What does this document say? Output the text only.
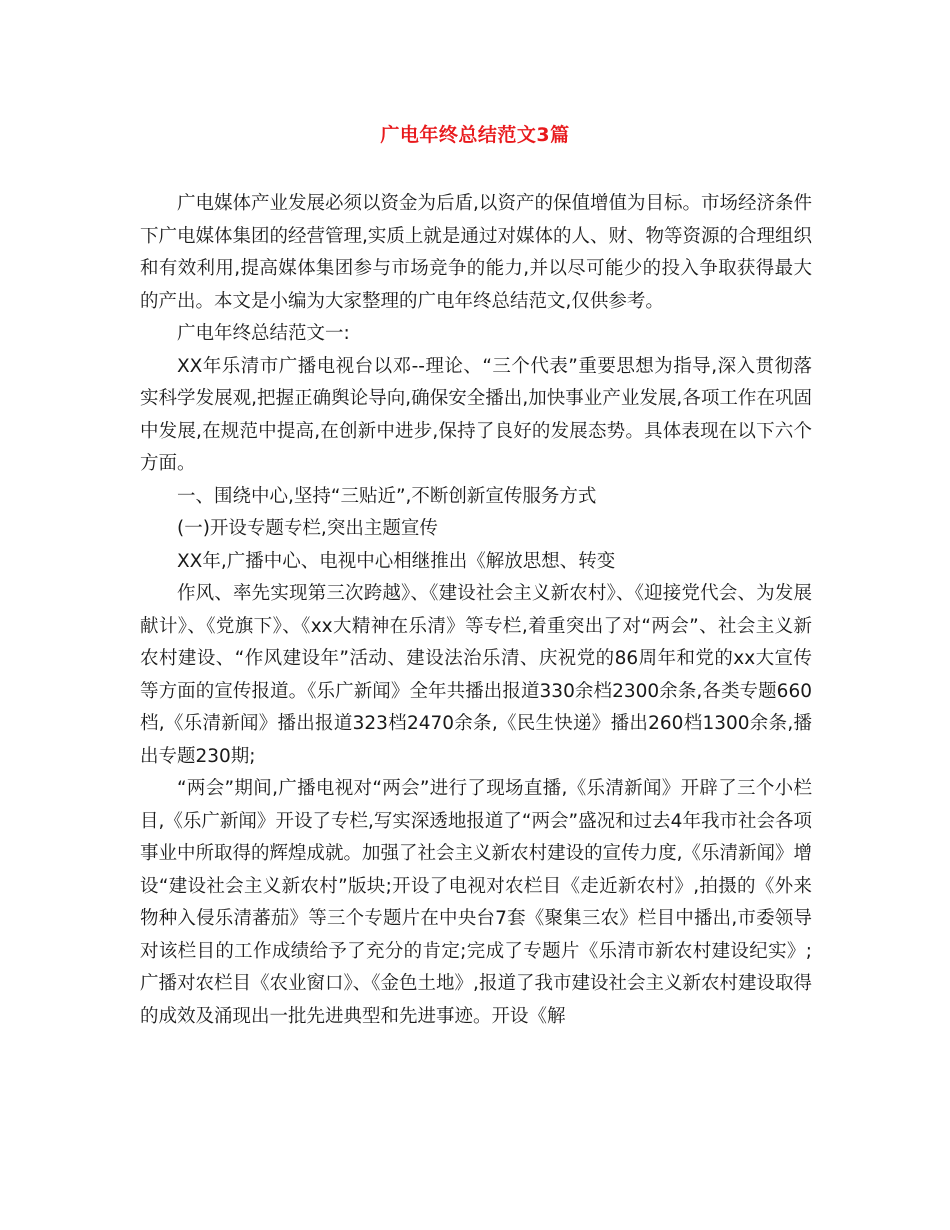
广电年终总结范文3篇

广电媒体产业发展必须以资金为后盾,以资产的保值增值为目标。市场经济条件下广电媒体集团的经营管理,实质上就是通过对媒体的人、财、物等资源的合理组织和有效利用,提高媒体集团参与市场竞争的能力,并以尽可能少的投入争取获得最大的产出。本文是小编为大家整理的广电年终总结范文,仅供参考。

广电年终总结范文一:

XX年乐清市广播电视台以邓--理论、“三个代表”重要思想为指导,深入贯彻落实科学发展观,把握正确舆论导向,确保安全播出,加快事业产业发展,各项工作在巩固中发展,在规范中提高,在创新中进步,保持了良好的发展态势。具体表现在以下六个方面。

一、围绕中心,坚持“三贴近”,不断创新宣传服务方式

(一)开设专题专栏,突出主题宣传

XX年,广播中心、电视中心相继推出《解放思想、转变

作风、率先实现第三次跨越》、《建设社会主义新农村》、《迎接党代会、为发展献计》、《党旗下》、《xx大精神在乐清》等专栏,着重突出了对“两会”、社会主义新农村建设、“作风建设年”活动、建设法治乐清、庆祝党的86周年和党的xx大宣传等方面的宣传报道。《乐广新闻》全年共播出报道330余档2300余条,各类专题660档,《乐清新闻》播出报道323档2470余条,《民生快递》播出260档1300余条,播出专题230期;

“两会”期间,广播电视对“两会”进行了现场直播,《乐清新闻》开辟了三个小栏目,《乐广新闻》开设了专栏,写实深透地报道了“两会”盛况和过去4年我市社会各项事业中所取得的辉煌成就。加强了社会主义新农村建设的宣传力度,《乐清新闻》增设“建设社会主义新农村”版块;开设了电视对农栏目《走近新农村》,拍摄的《外来物种入侵乐清蕃茄》等三个专题片在中央台7套《聚集三农》栏目中播出,市委领导对该栏目的工作成绩给予了充分的肯定;完成了专题片《乐清市新农村建设纪实》;广播对农栏目《农业窗口》、《金色土地》,报道了我市建设社会主义新农村建设取得的成效及涌现出一批先进典型和先进事迹。开设《解
